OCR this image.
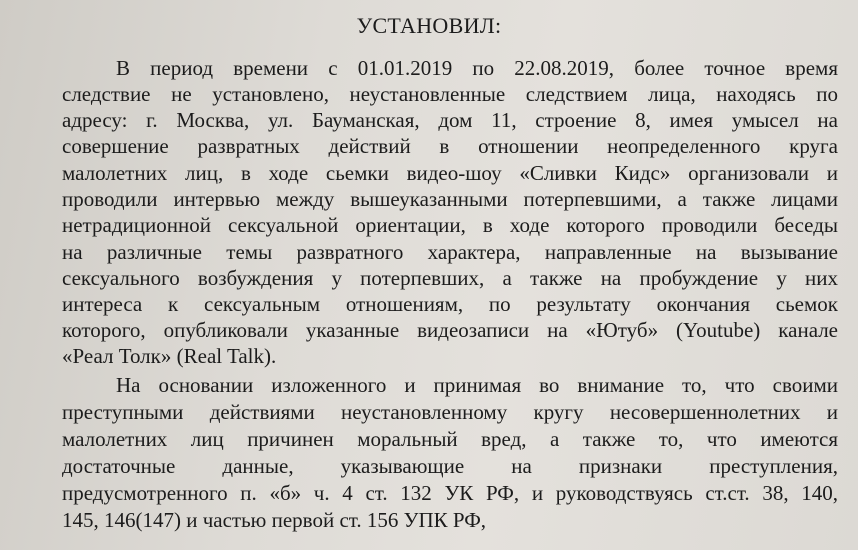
УСТАНОВИЛ:
В период времени с 01.01.2019 по 22.08.2019, более точное время
следствие не установлено, неустановленные следствием лица, находясь по
адресу: г. Москва, ул. Бауманская, дом 11, строение 8, имея умысел на
совершение развратных действий в отношении неопределенного круга
малолетних лиц, в ходе сьемки видео-шоу «Сливки Кидс» организовали и
проводили интервью между вышеуказанными потерпевшими, а также лицами
нетрадиционной сексуальной ориентации, в ходе которого проводили беседы
на различные темы развратного характера, направленные на вызывание
сексуального возбуждения у потерпевших, а также на пробуждение у них
интереса к сексуальным отношениям, по результату окончания сьемок
которого, опубликовали указанные видеозаписи на «Ютуб» (Youtube) канале
«Реал Толк» (Real Talk).
На основании изложенного и принимая во внимание то, что своими
преступными действиями неустановленному кругу несовершеннолетних и
малолетних лиц причинен моральный вред, а также то, что имеются
достаточные данные, указывающие на признаки преступления,
предусмотренного п. «б» ч. 4 ст. 132 УК РФ, и руководствуясь ст.ст. 38, 140,
145, 146(147) и частью первой ст. 156 УПК РФ,
